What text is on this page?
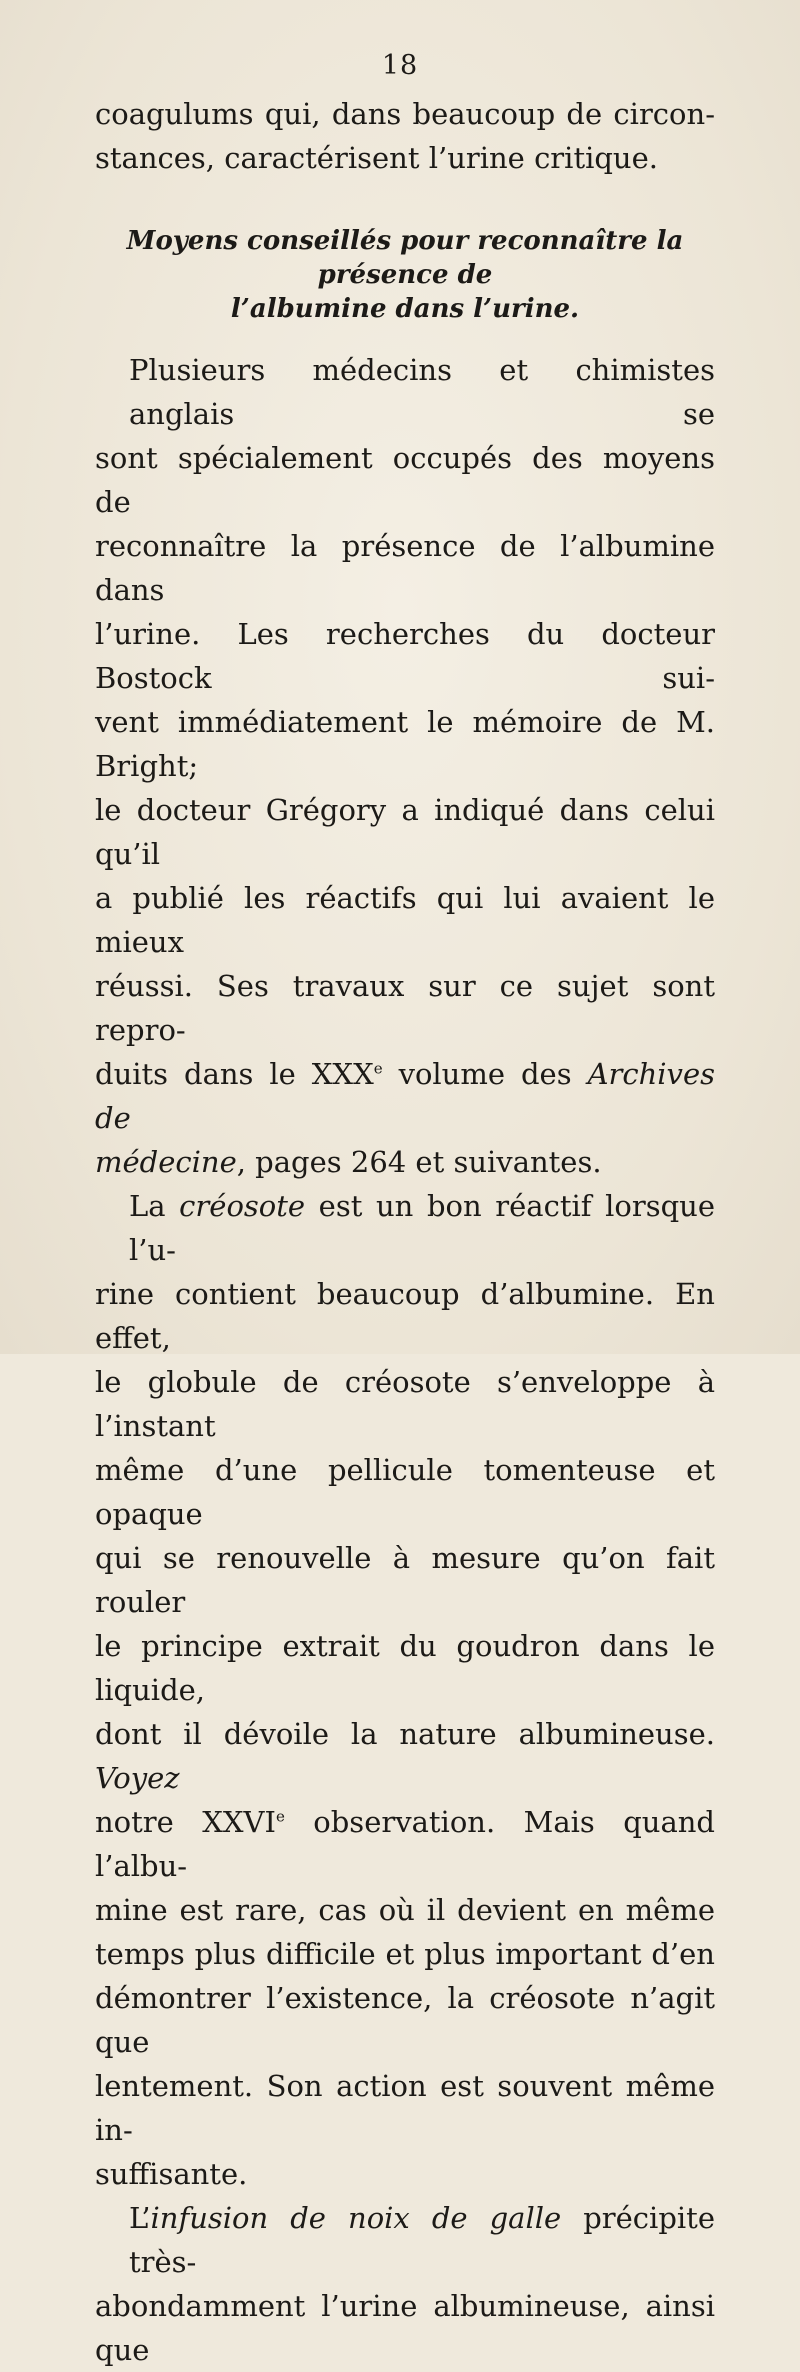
18

coagulums qui, dans beaucoup de circon-
stances, caractérisent l’urine critique.

Moyens conseillés pour reconnaître la présence de
l’albumine dans l’urine.

Plusieurs médecins et chimistes anglais se
sont spécialement occupés des moyens de
reconnaître la présence de l’albumine dans
l’urine. Les recherches du docteur Bostock sui-
vent immédiatement le mémoire de M. Bright;
le docteur Grégory a indiqué dans celui qu’il
a publié les réactifs qui lui avaient le mieux
réussi. Ses travaux sur ce sujet sont repro-
duits dans le XXXe volume des Archives de
médecine, pages 264 et suivantes.

La créosote est un bon réactif lorsque l’u-
rine contient beaucoup d’albumine. En effet,
le globule de créosote s’enveloppe à l’instant
même d’une pellicule tomenteuse et opaque
qui se renouvelle à mesure qu’on fait rouler
le principe extrait du goudron dans le liquide,
dont il dévoile la nature albumineuse. Voyez
notre XXVIe observation. Mais quand l’albu-
mine est rare, cas où il devient en même
temps plus difficile et plus important d’en
démontrer l’existence, la créosote n’agit que
lentement. Son action est souvent même in-
suffisante.

L’infusion de noix de galle précipite très-
abondamment l’urine albumineuse, ainsi que
